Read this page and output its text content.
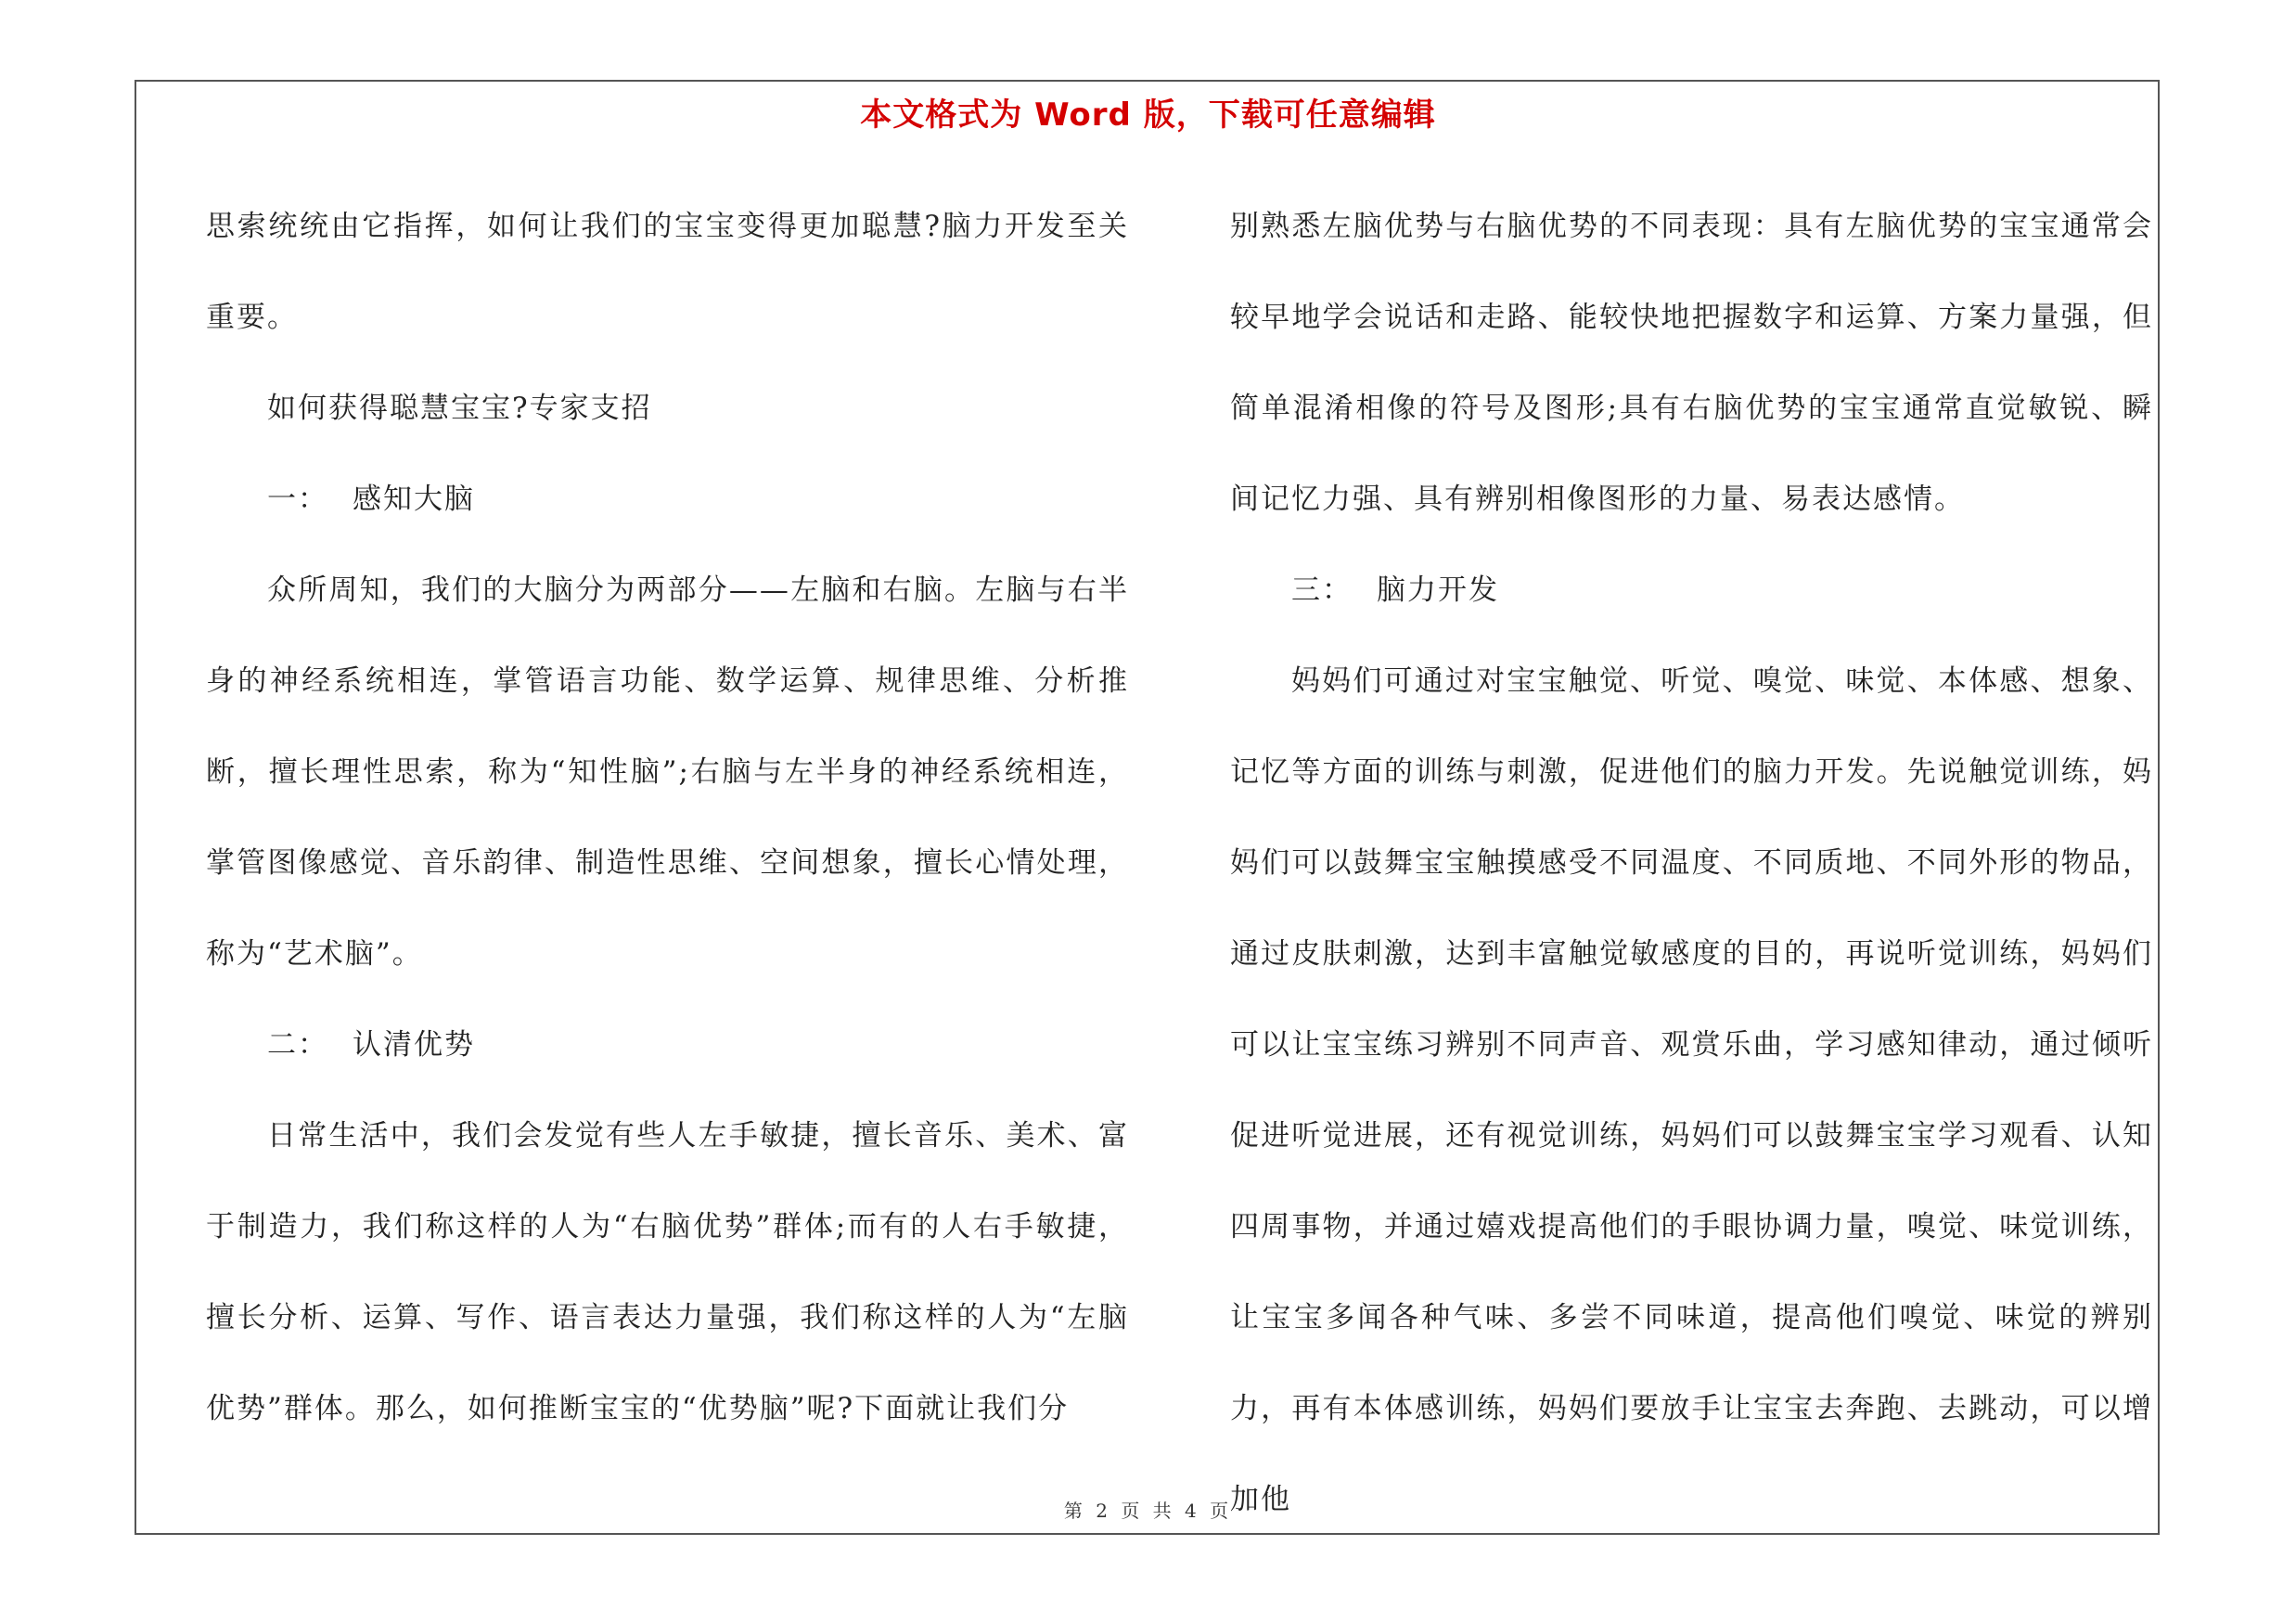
本文格式为 Word 版，下载可任意编辑

思索统统由它指挥，如何让我们的宝宝变得更加聪慧?脑力开发至关重要。

如何获得聪慧宝宝?专家支招

一： 感知大脑

众所周知，我们的大脑分为两部分——左脑和右脑。左脑与右半身的神经系统相连，掌管语言功能、数学运算、规律思维、分析推断，擅长理性思索，称为“知性脑”;右脑与左半身的神经系统相连，掌管图像感觉、音乐韵律、制造性思维、空间想象，擅长心情处理，称为“艺术脑”。

二： 认清优势

日常生活中，我们会发觉有些人左手敏捷，擅长音乐、美术、富于制造力，我们称这样的人为“右脑优势”群体;而有的人右手敏捷，擅长分析、运算、写作、语言表达力量强，我们称这样的人为“左脑优势”群体。那么，如何推断宝宝的“优势脑”呢?下面就让我们分

别熟悉左脑优势与右脑优势的不同表现：具有左脑优势的宝宝通常会较早地学会说话和走路、能较快地把握数字和运算、方案力量强，但简单混淆相像的符号及图形;具有右脑优势的宝宝通常直觉敏锐、瞬间记忆力强、具有辨别相像图形的力量、易表达感情。

三： 脑力开发

妈妈们可通过对宝宝触觉、听觉、嗅觉、味觉、本体感、想象、记忆等方面的训练与刺激，促进他们的脑力开发。先说触觉训练，妈妈们可以鼓舞宝宝触摸感受不同温度、不同质地、不同外形的物品，通过皮肤刺激，达到丰富触觉敏感度的目的，再说听觉训练，妈妈们可以让宝宝练习辨别不同声音、观赏乐曲，学习感知律动，通过倾听促进听觉进展，还有视觉训练，妈妈们可以鼓舞宝宝学习观看、认知四周事物，并通过嬉戏提高他们的手眼协调力量，嗅觉、味觉训练，让宝宝多闻各种气味、多尝不同味道，提高他们嗅觉、味觉的辨别力，再有本体感训练，妈妈们要放手让宝宝去奔跑、去跳动，可以增加他

第 2 页 共 4 页
